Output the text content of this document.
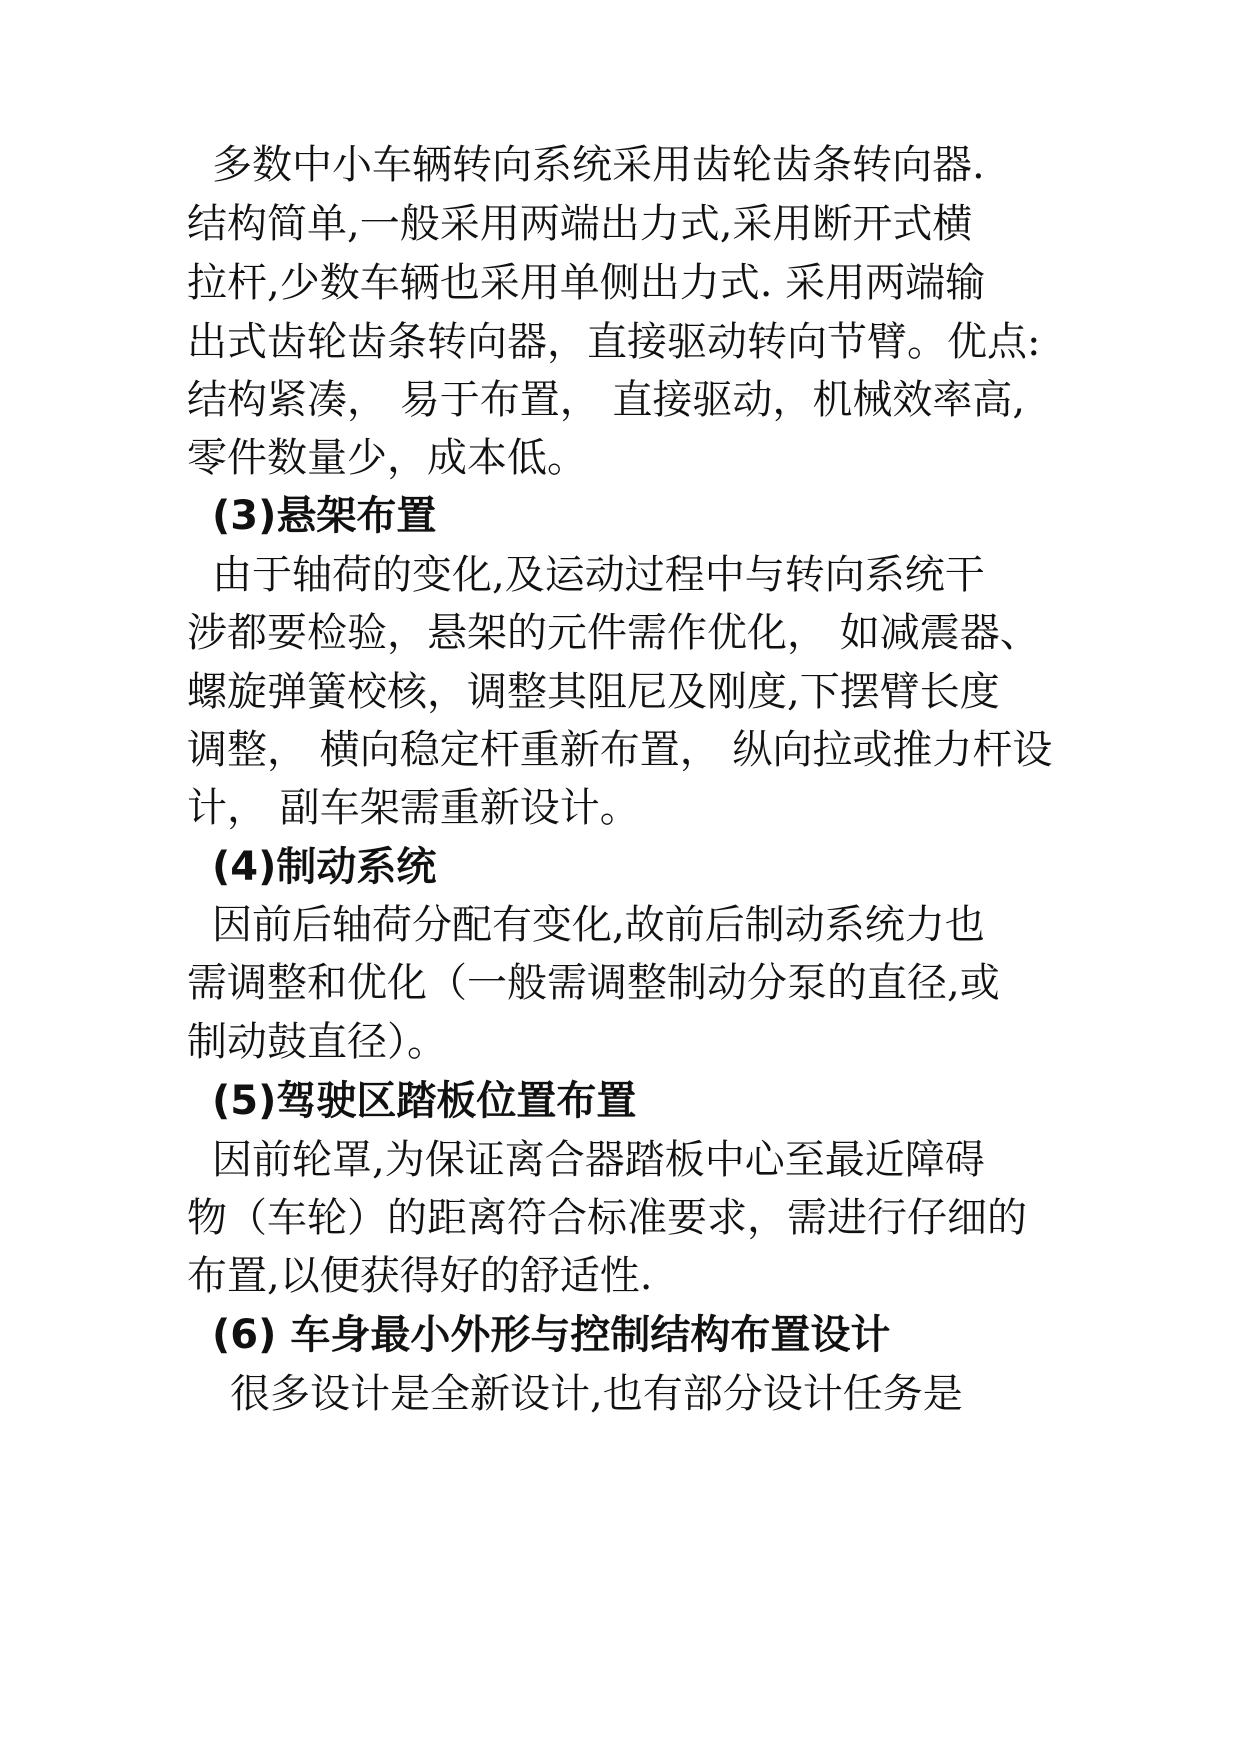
多数中小车辆转向系统采用齿轮齿条转向器.
结构简单,一般采用两端出力式,采用断开式横
拉杆,少数车辆也采用单侧出力式. 采用两端输
出式齿轮齿条转向器，直接驱动转向节臂。优点:
结构紧凑， 易于布置， 直接驱动，机械效率高,
零件数量少，成本低。
(3)悬架布置
由于轴荷的变化,及运动过程中与转向系统干
涉都要检验，悬架的元件需作优化， 如减震器、
螺旋弹簧校核，调整其阻尼及刚度,下摆臂长度
调整， 横向稳定杆重新布置， 纵向拉或推力杆设
计， 副车架需重新设计。
(4)制动系统
因前后轴荷分配有变化,故前后制动系统力也
需调整和优化（一般需调整制动分泵的直径,或
制动鼓直径）。
(5)驾驶区踏板位置布置
因前轮罩,为保证离合器踏板中心至最近障碍
物（车轮）的距离符合标准要求，需进行仔细的
布置,以便获得好的舒适性.
(6) 车身最小外形与控制结构布置设计
很多设计是全新设计,也有部分设计任务是
